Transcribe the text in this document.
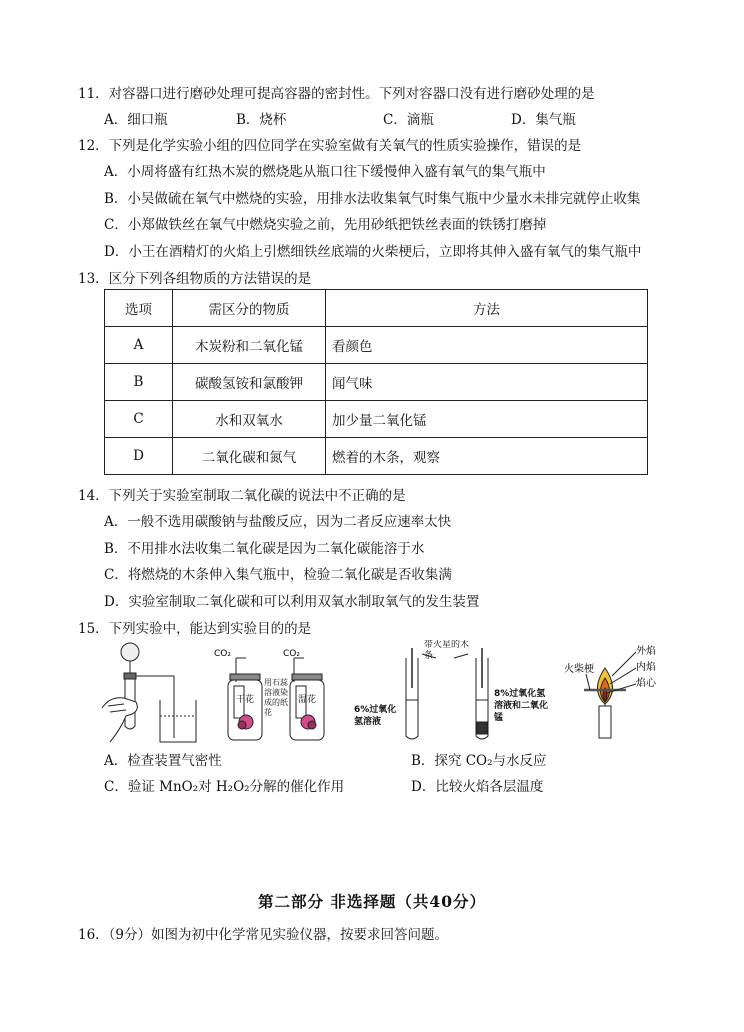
11．对容器口进行磨砂处理可提高容器的密封性。下列对容器口没有进行磨砂处理的是
A．细口瓶	B．烧杯	C．滴瓶	D．集气瓶
12．下列是化学实验小组的四位同学在实验室做有关氧气的性质实验操作，错误的是
A．小周将盛有红热木炭的燃烧匙从瓶口往下缓慢伸入盛有氧气的集气瓶中
B．小吴做硫在氧气中燃烧的实验，用排水法收集氧气时集气瓶中少量水未排完就停止收集
C．小郑做铁丝在氧气中燃烧实验之前，先用砂纸把铁丝表面的铁锈打磨掉
D．小王在酒精灯的火焰上引燃细铁丝底端的火柴梗后，立即将其伸入盛有氧气的集气瓶中
13．区分下列各组物质的方法错误的是
选项	需区分的物质	方法
A	木炭粉和二氧化锰	看颜色
B	碳酸氢铵和氯酸钾	闻气味
C	水和双氧水	加少量二氧化锰
D	二氧化碳和氮气	燃着的木条，观察
14．下列关于实验室制取二氧化碳的说法中不正确的是
A．一般不选用碳酸钠与盐酸反应，因为二者反应速率太快
B．不用排水法收集二氧化碳是因为二氧化碳能溶于水
C．将燃烧的木条伸入集气瓶中，检验二氧化碳是否收集满
D．实验室制取二氧化碳和可以利用双氧水制取氧气的发生装置
15．下列实验中，能达到实验目的的是
CO₂	CO₂
干花	湿花
用石蕊溶液染成的纸花
带火星的木条
6%过氧化氢溶液
8%过氧化氢溶液和二氧化锰
外焰
内焰
焰心
火柴梗
A．检查装置气密性	B．探究 CO₂与水反应
C．验证 MnO₂对 H₂O₂分解的催化作用	D．比较火焰各层温度
第二部分 非选择题（共40分）
16．（9分）如图为初中化学常见实验仪器，按要求回答问题。
